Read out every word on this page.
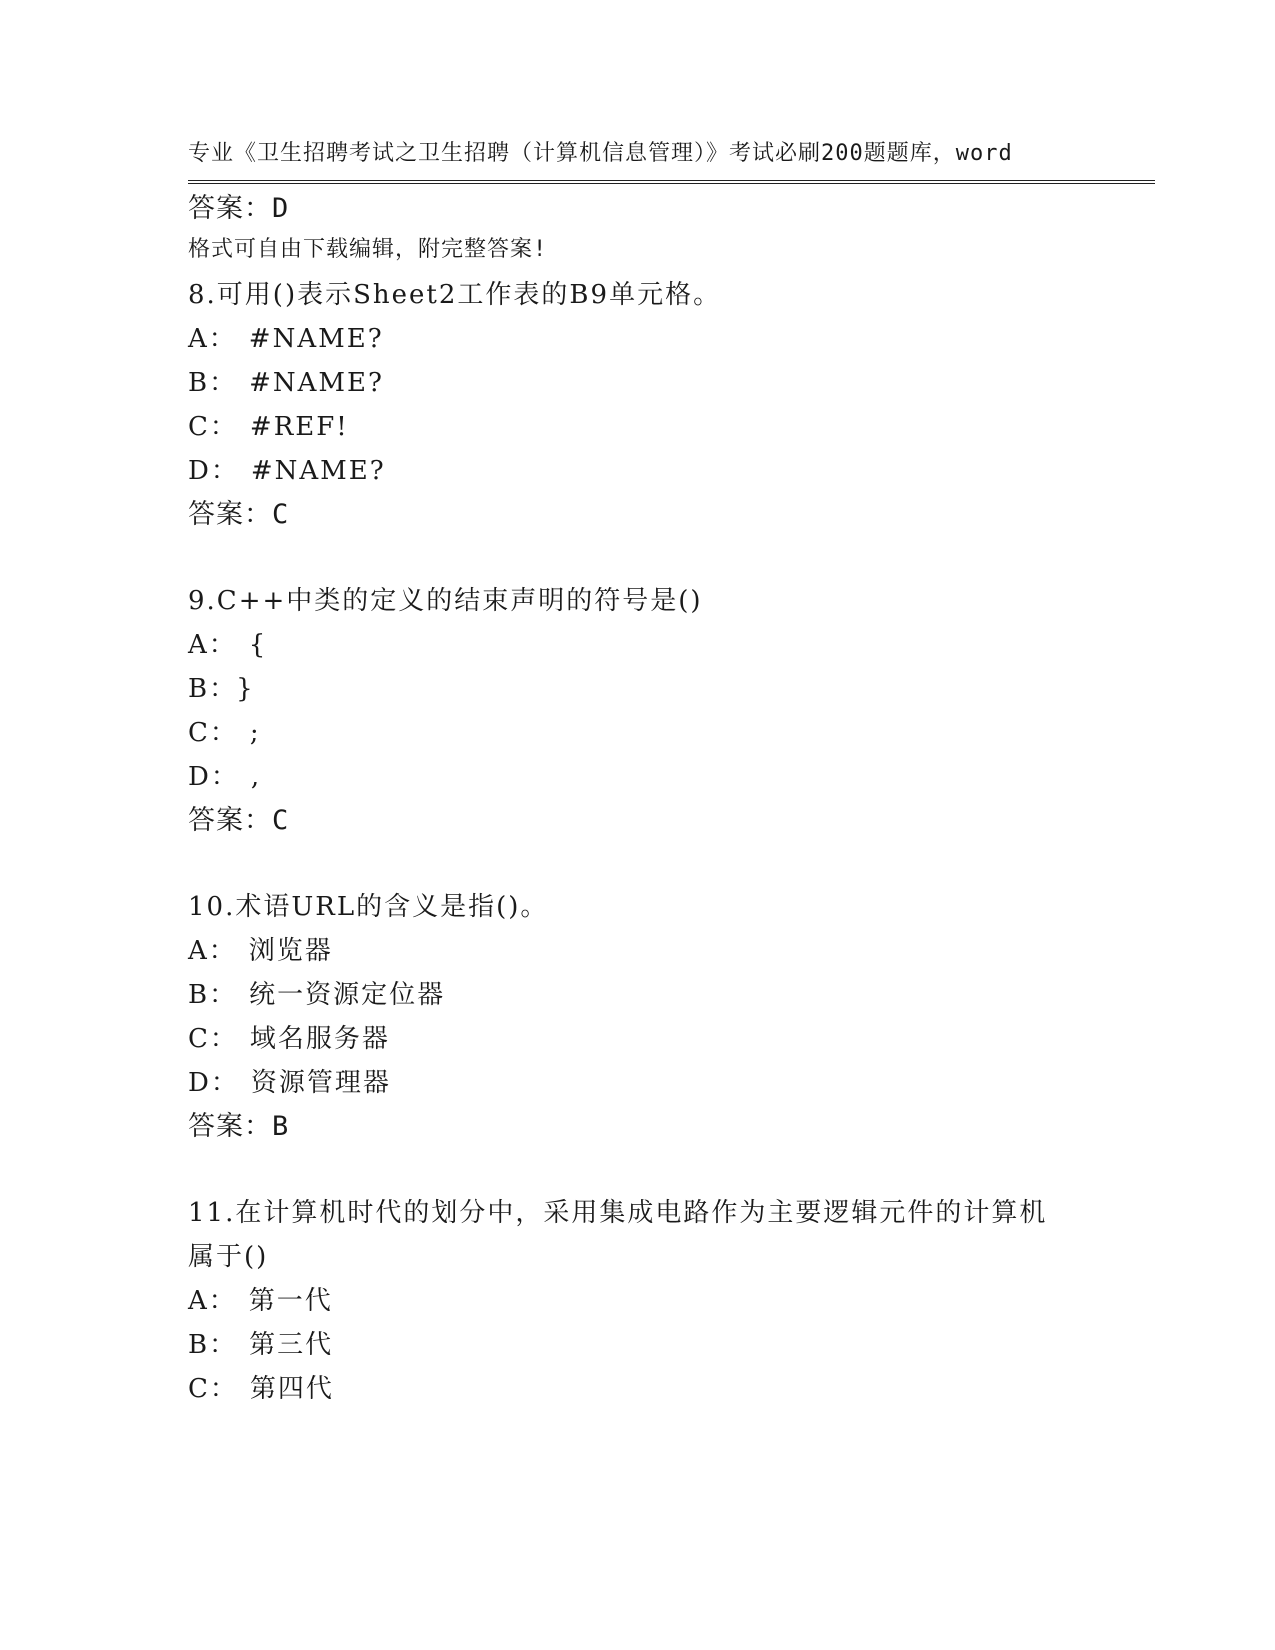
专业《卫生招聘考试之卫生招聘（计算机信息管理）》考试必刷200题题库，word

格式可自由下载编辑，附完整答案!

答案：D
8.可用()表示Sheet2工作表的B9单元格。
A： #NAME?
B： #NAME?
C： #REF!
D： #NAME?
答案：C
9.C++中类的定义的结束声明的符号是()
A： {
B： }
C： ;
D： ,
答案：C
10.术语URL的含义是指()。
A： 浏览器
B： 统一资源定位器
C： 域名服务器
D： 资源管理器
答案：B
11.在计算机时代的划分中，采用集成电路作为主要逻辑元件的计算机
属于()
A： 第一代
B： 第三代
C： 第四代
